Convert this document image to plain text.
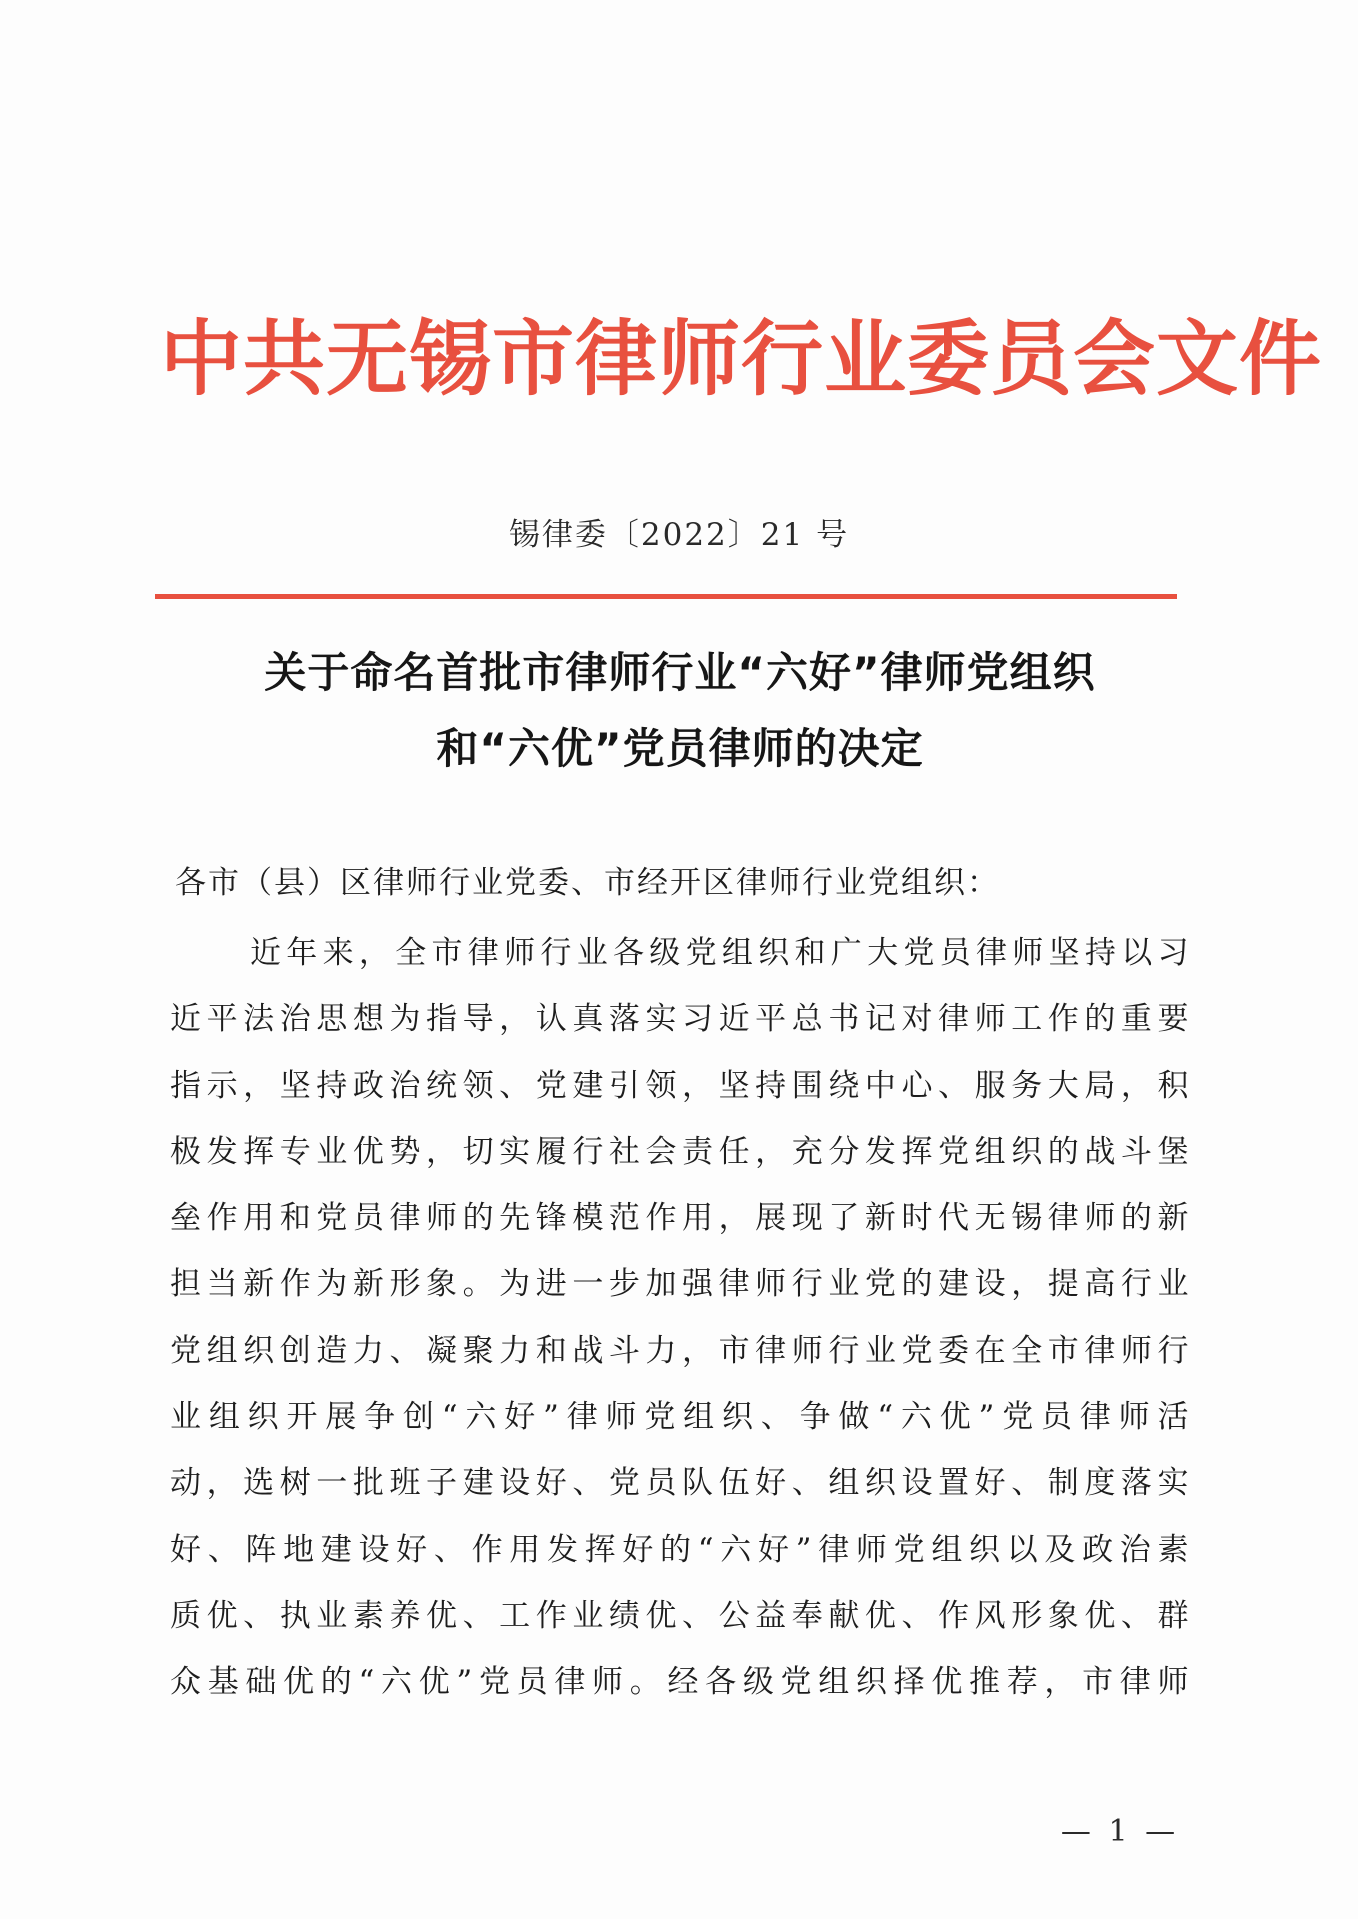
中共无锡市律师行业委员会文件
锡律委〔2022〕21 号
关于命名首批市律师行业“六好”律师党组织
和“六优”党员律师的决定
各市（县）区律师行业党委、市经开区律师行业党组织：
近年来，全市律师行业各级党组织和广大党员律师坚持以习
近平法治思想为指导，认真落实习近平总书记对律师工作的重要
指示，坚持政治统领、党建引领，坚持围绕中心、服务大局，积
极发挥专业优势，切实履行社会责任，充分发挥党组织的战斗堡
垒作用和党员律师的先锋模范作用，展现了新时代无锡律师的新
担当新作为新形象。为进一步加强律师行业党的建设，提高行业
党组织创造力、凝聚力和战斗力，市律师行业党委在全市律师行
业组织开展争创“六好”律师党组织、争做“六优”党员律师活
动，选树一批班子建设好、党员队伍好、组织设置好、制度落实
好、阵地建设好、作用发挥好的“六好”律师党组织以及政治素
质优、执业素养优、工作业绩优、公益奉献优、作风形象优、群
众基础优的“六优”党员律师。经各级党组织择优推荐，市律师
— 1 —
